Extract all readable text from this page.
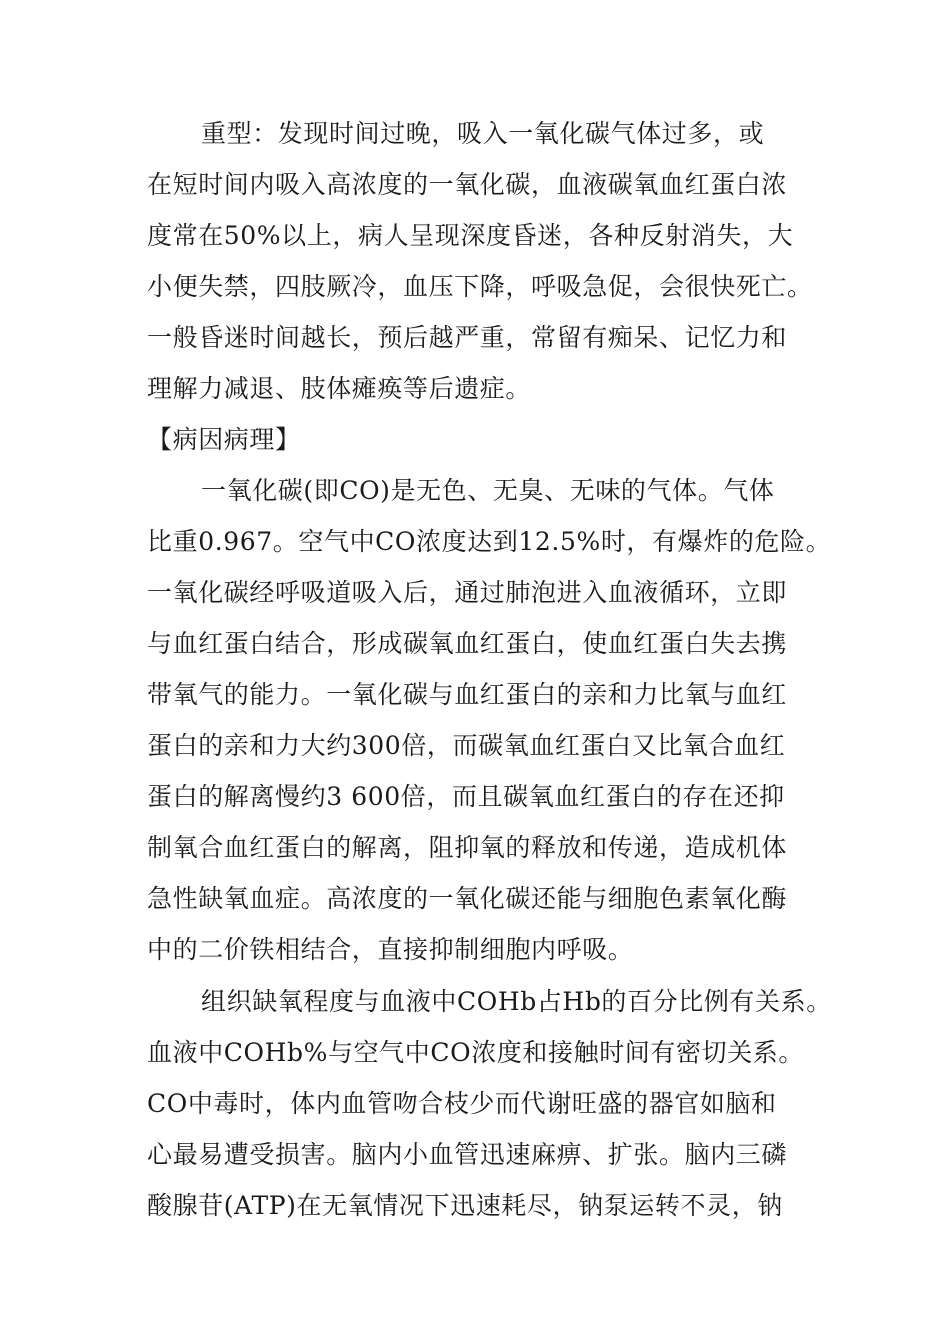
重型：发现时间过晚，吸入一氧化碳气体过多，或
在短时间内吸入高浓度的一氧化碳，血液碳氧血红蛋白浓
度常在50%以上，病人呈现深度昏迷，各种反射消失，大
小便失禁，四肢厥冷，血压下降，呼吸急促，会很快死亡。
一般昏迷时间越长，预后越严重，常留有痴呆、记忆力和
理解力减退、肢体瘫痪等后遗症。
【病因病理】
一氧化碳(即CO)是无色、无臭、无味的气体。气体
比重0.967。空气中CO浓度达到12.5%时，有爆炸的危险。
一氧化碳经呼吸道吸入后，通过肺泡进入血液循环，立即
与血红蛋白结合，形成碳氧血红蛋白，使血红蛋白失去携
带氧气的能力。一氧化碳与血红蛋白的亲和力比氧与血红
蛋白的亲和力大约300倍，而碳氧血红蛋白又比氧合血红
蛋白的解离慢约3 600倍，而且碳氧血红蛋白的存在还抑
制氧合血红蛋白的解离，阻抑氧的释放和传递，造成机体
急性缺氧血症。高浓度的一氧化碳还能与细胞色素氧化酶
中的二价铁相结合，直接抑制细胞内呼吸。
组织缺氧程度与血液中COHb占Hb的百分比例有关系。
血液中COHb%与空气中CO浓度和接触时间有密切关系。
CO中毒时，体内血管吻合枝少而代谢旺盛的器官如脑和
心最易遭受损害。脑内小血管迅速麻痹、扩张。脑内三磷
酸腺苷(ATP)在无氧情况下迅速耗尽，钠泵运转不灵，钠
